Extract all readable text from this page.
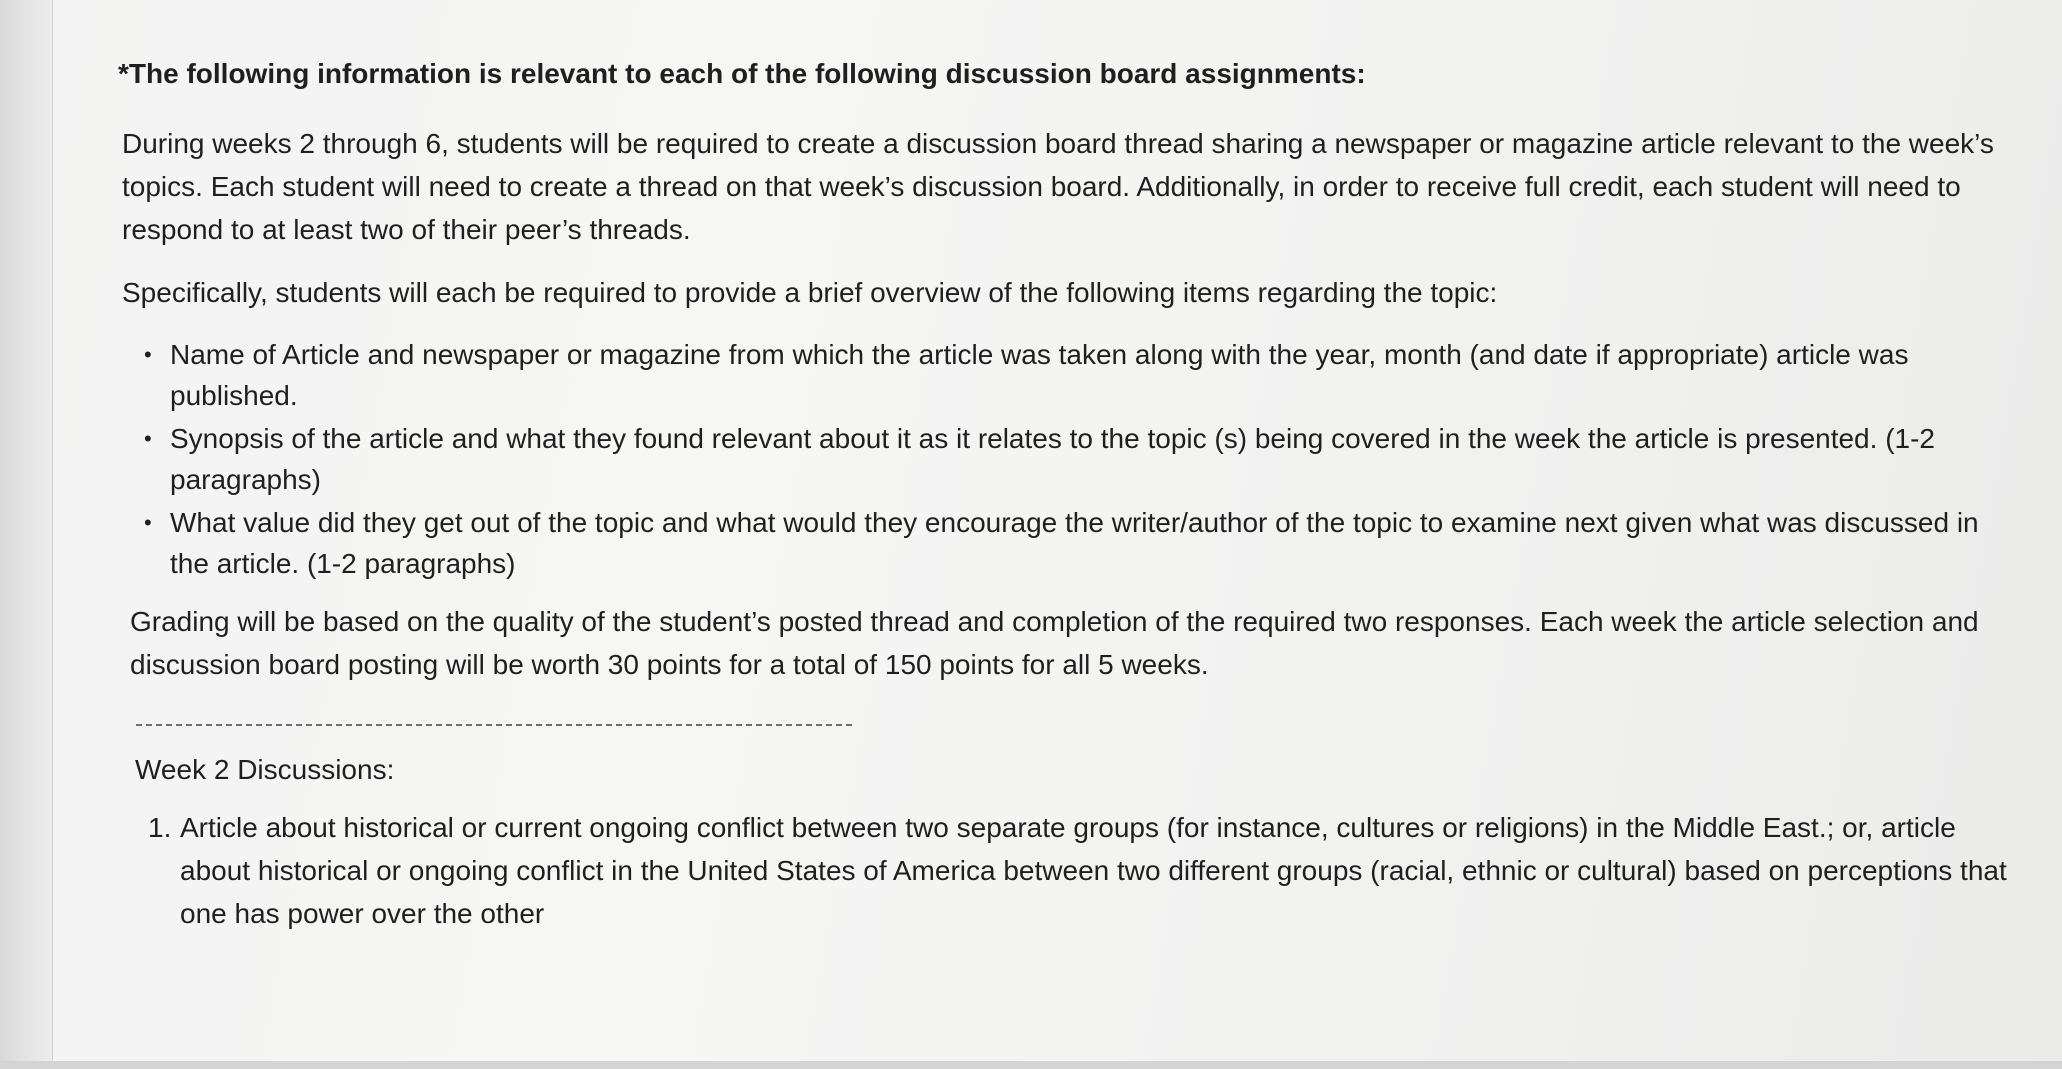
*The following information is relevant to each of the following discussion board assignments:

During weeks 2 through 6, students will be required to create a discussion board thread sharing a newspaper or magazine article relevant to the week’s topics. Each student will need to create a thread on that week’s discussion board. Additionally, in order to receive full credit, each student will need to respond to at least two of their peer’s threads.

Specifically, students will each be required to provide a brief overview of the following items regarding the topic:

• Name of Article and newspaper or magazine from which the article was taken along with the year, month (and date if appropriate) article was published.
• Synopsis of the article and what they found relevant about it as it relates to the topic (s) being covered in the week the article is presented. (1-2 paragraphs)
• What value did they get out of the topic and what would they encourage the writer/author of the topic to examine next given what was discussed in the article. (1-2 paragraphs)

Grading will be based on the quality of the student’s posted thread and completion of the required two responses. Each week the article selection and discussion board posting will be worth 30 points for a total of 150 points for all 5 weeks.

Week 2 Discussions:

1. Article about historical or current ongoing conflict between two separate groups (for instance, cultures or religions) in the Middle East.; or, article about historical or ongoing conflict in the United States of America between two different groups (racial, ethnic or cultural) based on perceptions that one has power over the other
